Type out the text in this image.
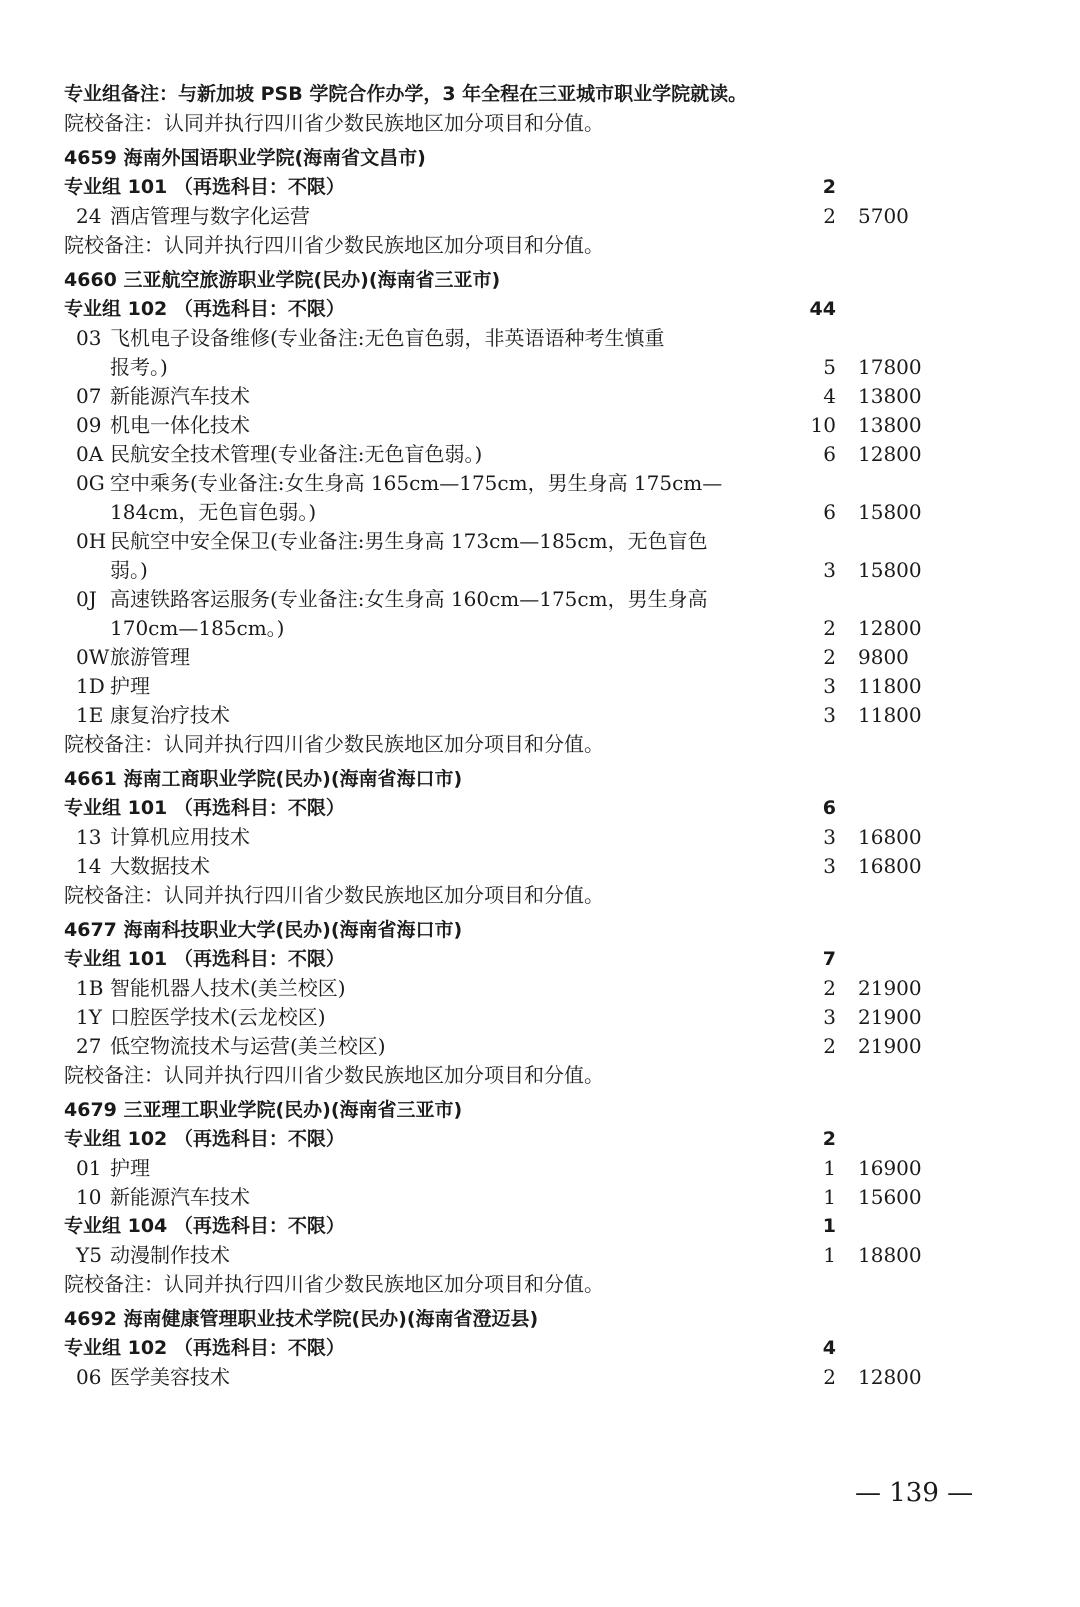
专业组备注：与新加坡 PSB 学院合作办学，3 年全程在三亚城市职业学院就读。
院校备注：认同并执行四川省少数民族地区加分项目和分值。
4659 海南外国语职业学院(海南省文昌市)
专业组 101 （再选科目：不限）	2
24 酒店管理与数字化运营	2 5700
院校备注：认同并执行四川省少数民族地区加分项目和分值。
4660 三亚航空旅游职业学院(民办)(海南省三亚市)
专业组 102 （再选科目：不限）	44
03 飞机电子设备维修(专业备注:无色盲色弱，非英语语种考生慎重
报考。)	5 17800
07 新能源汽车技术	4 13800
09 机电一体化技术	10 13800
0A 民航安全技术管理(专业备注:无色盲色弱。)	6 12800
0G 空中乘务(专业备注:女生身高 165cm—175cm，男生身高 175cm—
184cm，无色盲色弱。)	6 15800
0H 民航空中安全保卫(专业备注:男生身高 173cm—185cm，无色盲色
弱。)	3 15800
0J 高速铁路客运服务(专业备注:女生身高 160cm—175cm，男生身高
170cm—185cm。)	2 12800
0W 旅游管理	2 9800
1D 护理	3 11800
1E 康复治疗技术	3 11800
院校备注：认同并执行四川省少数民族地区加分项目和分值。
4661 海南工商职业学院(民办)(海南省海口市)
专业组 101 （再选科目：不限）	6
13 计算机应用技术	3 16800
14 大数据技术	3 16800
院校备注：认同并执行四川省少数民族地区加分项目和分值。
4677 海南科技职业大学(民办)(海南省海口市)
专业组 101 （再选科目：不限）	7
1B 智能机器人技术(美兰校区)	2 21900
1Y 口腔医学技术(云龙校区)	3 21900
27 低空物流技术与运营(美兰校区)	2 21900
院校备注：认同并执行四川省少数民族地区加分项目和分值。
4679 三亚理工职业学院(民办)(海南省三亚市)
专业组 102 （再选科目：不限）	2
01 护理	1 16900
10 新能源汽车技术	1 15600
专业组 104 （再选科目：不限）	1
Y5 动漫制作技术	1 18800
院校备注：认同并执行四川省少数民族地区加分项目和分值。
4692 海南健康管理职业技术学院(民办)(海南省澄迈县)
专业组 102 （再选科目：不限）	4
06 医学美容技术	2 12800
— 139 —
